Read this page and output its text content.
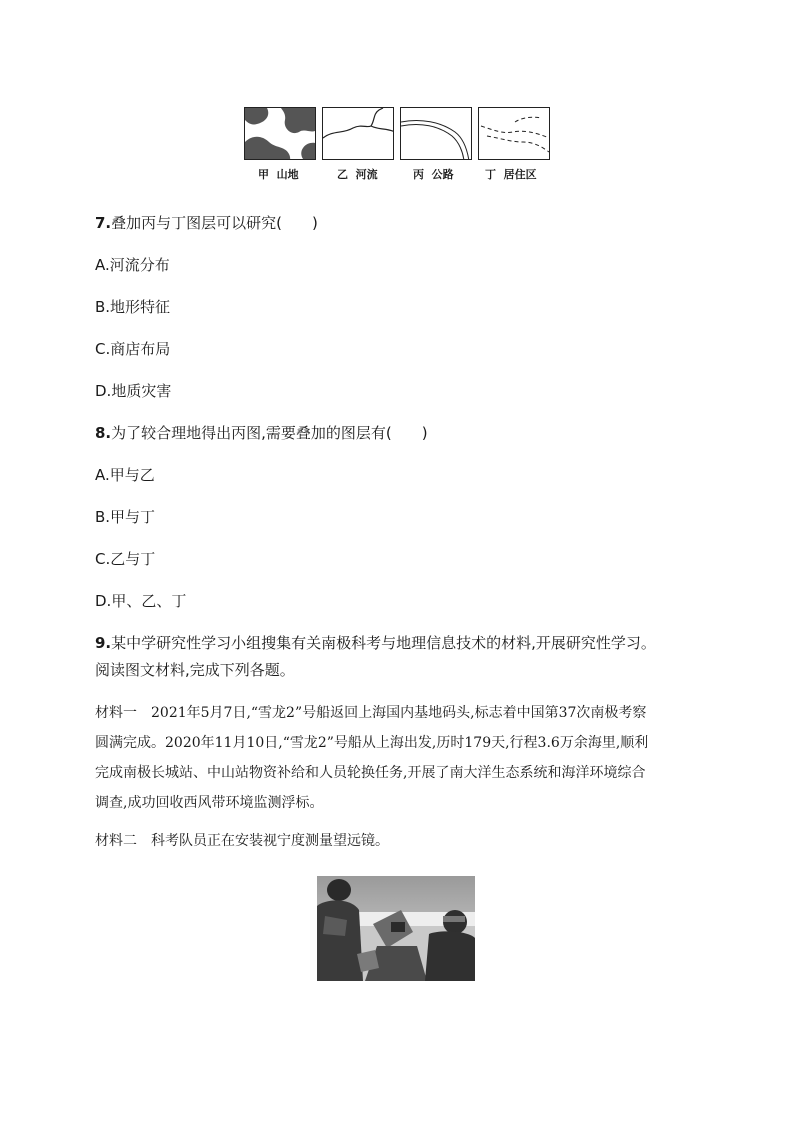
甲  山地	乙  河流	丙  公路	丁  居住区
7.叠加丙与丁图层可以研究(　　)
A.河流分布
B.地形特征
C.商店布局
D.地质灾害
8.为了较合理地得出丙图,需要叠加的图层有(　　)
A.甲与乙
B.甲与丁
C.乙与丁
D.甲、乙、丁
9.某中学研究性学习小组搜集有关南极科考与地理信息技术的材料,开展研究性学习。
阅读图文材料,完成下列各题。
材料一 2021年5月7日,“雪龙2”号船返回上海国内基地码头,标志着中国第37次南极考察圆满完成。2020年11月10日,“雪龙2”号船从上海出发,历时179天,行程3.6万余海里,顺利完成南极长城站、中山站物资补给和人员轮换任务,开展了南大洋生态系统和海洋环境综合调查,成功回收西风带环境监测浮标。
材料二 科考队员正在安装视宁度测量望远镜。
